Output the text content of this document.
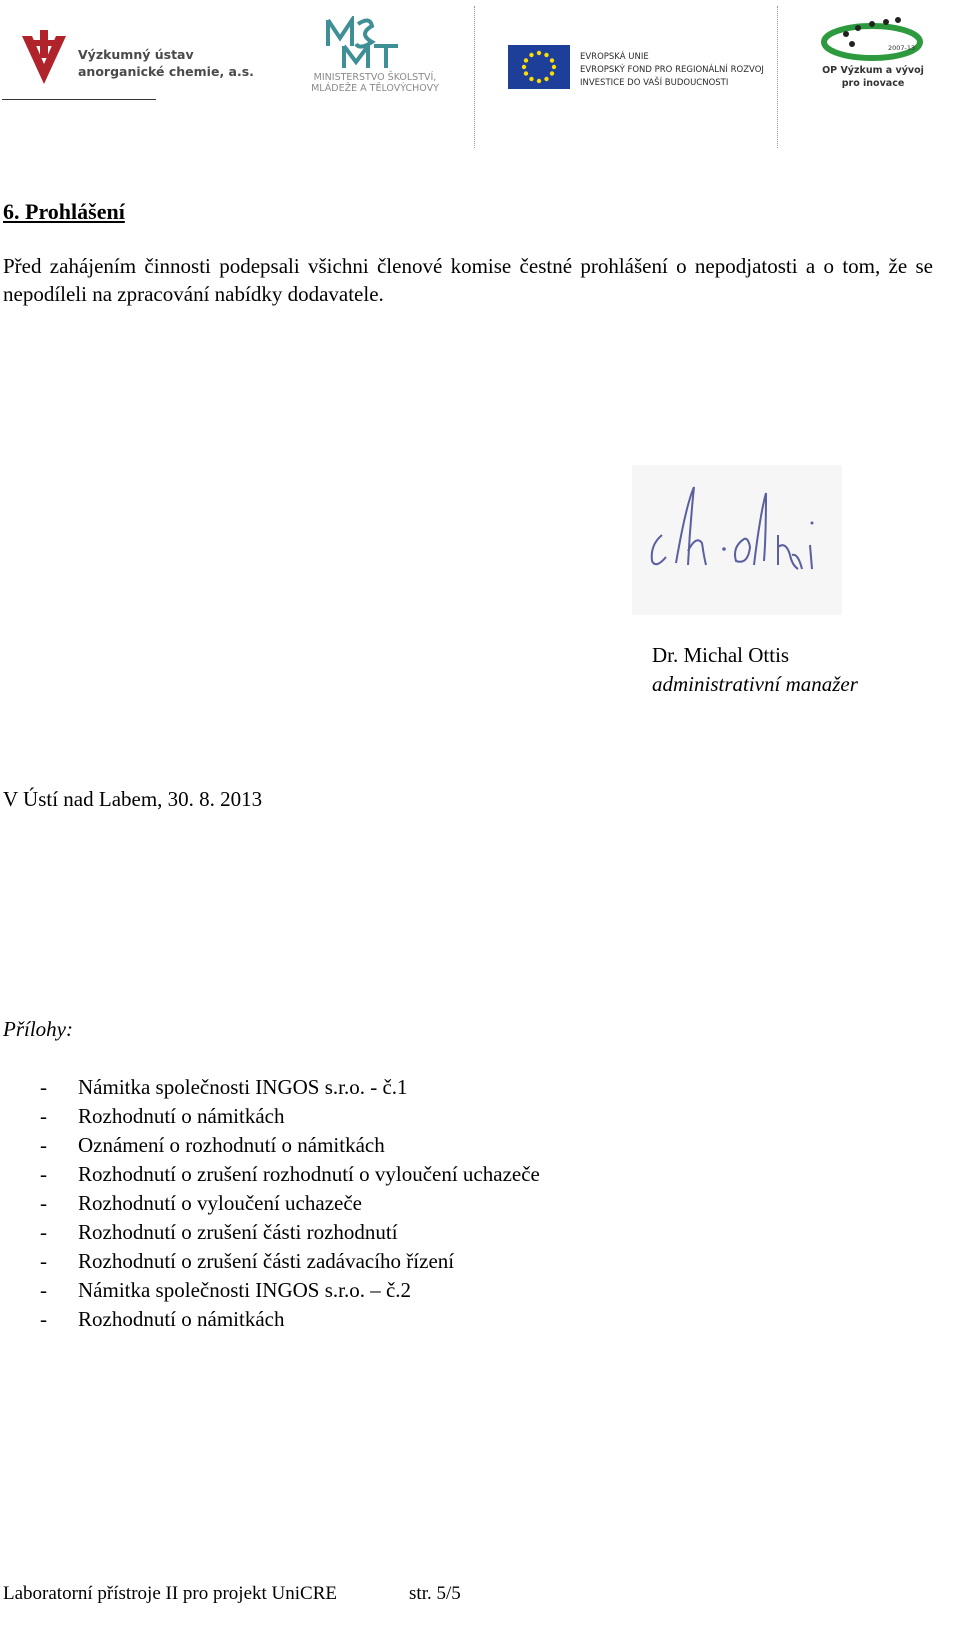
Výzkumný ústav
anorganické chemie, a.s.	MINISTERSTVO ŠKOLSTVÍ,
MLÁDEŽE A TĚLOVÝCHOVY
EVROPSKÁ UNIE
EVROPSKÝ FOND PRO REGIONÁLNÍ ROZVOJ
INVESTICE DO VAŠÍ BUDOUCNOSTI
2007-13
OP Výzkum a vývoj
pro inovace
6. Prohlášení

Před zahájením činnosti podepsali všichni členové komise čestné prohlášení o nepodjatosti a o tom, že se nepodíleli na zpracování nabídky dodavatele.

Dr. Michal Ottis
administrativní manažer
V Ústí nad Labem, 30. 8. 2013
Přílohy:
- Námitka společnosti INGOS s.r.o. - č.1
- Rozhodnutí o námitkách
- Oznámení o rozhodnutí o námitkách
- Rozhodnutí o zrušení rozhodnutí o vyloučení uchazeče
- Rozhodnutí o vyloučení uchazeče
- Rozhodnutí o zrušení části rozhodnutí
- Rozhodnutí o zrušení části zadávacího řízení
- Námitka společnosti INGOS s.r.o. – č.2
- Rozhodnutí o námitkách
Laboratorní přístroje II pro projekt UniCRE	str. 5/5
